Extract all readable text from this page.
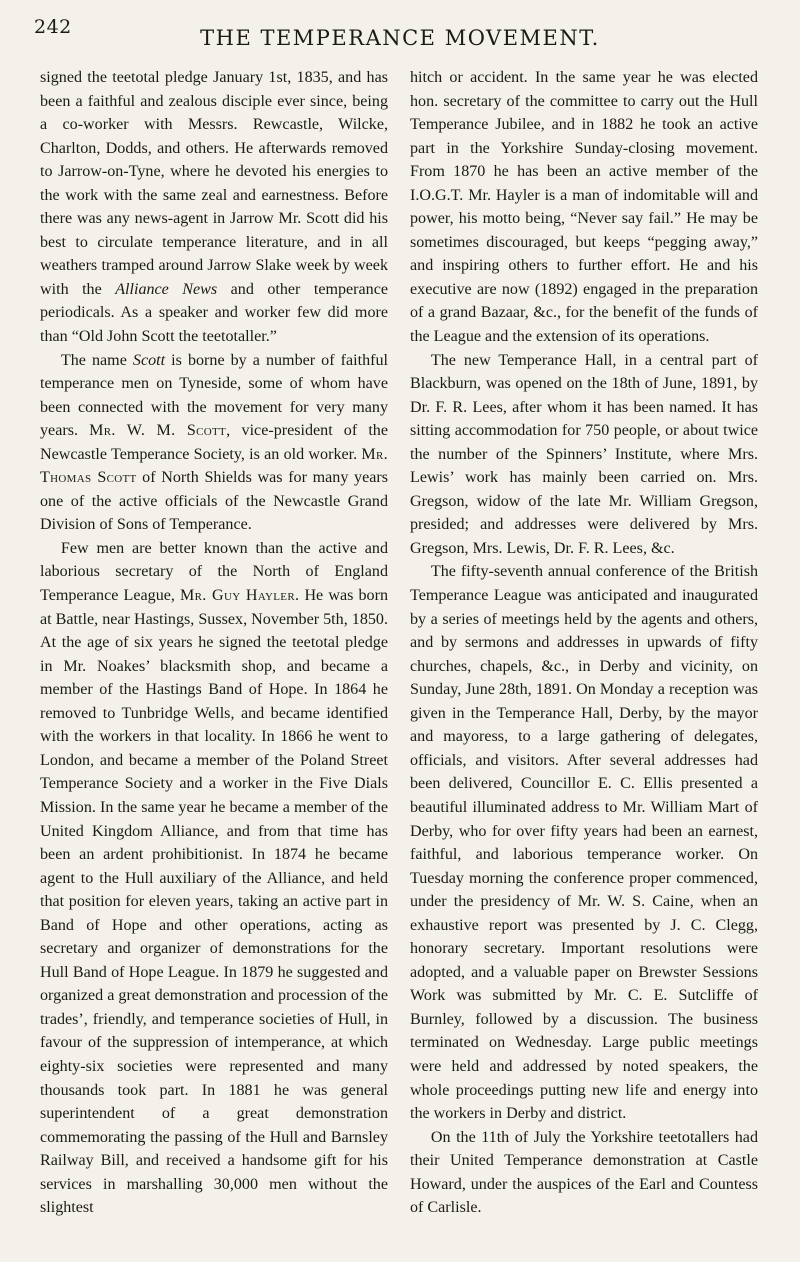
242	THE TEMPERANCE MOVEMENT.

signed the teetotal pledge January 1st, 1835, and has been a faithful and zealous disciple ever since, being a co-worker with Messrs. Rewcastle, Wilcke, Charlton, Dodds, and others. He afterwards removed to Jarrow-on-Tyne, where he devoted his energies to the work with the same zeal and earnestness. Before there was any news-agent in Jarrow Mr. Scott did his best to circulate temperance literature, and in all weathers tramped around Jarrow Slake week by week with the Alliance News and other temperance periodicals. As a speaker and worker few did more than “Old John Scott the teetotaller.”

The name Scott is borne by a number of faithful temperance men on Tyneside, some of whom have been connected with the movement for very many years. Mr. W. M. Scott, vice-president of the Newcastle Temperance Society, is an old worker. Mr. Thomas Scott of North Shields was for many years one of the active officials of the Newcastle Grand Division of Sons of Temperance.

Few men are better known than the active and laborious secretary of the North of England Temperance League, Mr. Guy Hayler. He was born at Battle, near Hastings, Sussex, November 5th, 1850. At the age of six years he signed the teetotal pledge in Mr. Noakes’ blacksmith shop, and became a member of the Hastings Band of Hope. In 1864 he removed to Tunbridge Wells, and became identified with the workers in that locality. In 1866 he went to London, and became a member of the Poland Street Temperance Society and a worker in the Five Dials Mission. In the same year he became a member of the United Kingdom Alliance, and from that time has been an ardent prohibitionist. In 1874 he became agent to the Hull auxiliary of the Alliance, and held that position for eleven years, taking an active part in Band of Hope and other operations, acting as secretary and organizer of demonstrations for the Hull Band of Hope League. In 1879 he suggested and organized a great demonstration and procession of the trades’, friendly, and temperance societies of Hull, in favour of the suppression of intemperance, at which eighty-six societies were represented and many thousands took part. In 1881 he was general superintendent of a great demonstration commemorating the passing of the Hull and Barnsley Railway Bill, and received a handsome gift for his services in marshalling 30,000 men without the slightest

hitch or accident. In the same year he was elected hon. secretary of the committee to carry out the Hull Temperance Jubilee, and in 1882 he took an active part in the Yorkshire Sunday-closing movement. From 1870 he has been an active member of the I.O.G.T. Mr. Hayler is a man of indomitable will and power, his motto being, “Never say fail.” He may be sometimes discouraged, but keeps “pegging away,” and inspiring others to further effort. He and his executive are now (1892) engaged in the preparation of a grand Bazaar, &c., for the benefit of the funds of the League and the extension of its operations.

The new Temperance Hall, in a central part of Blackburn, was opened on the 18th of June, 1891, by Dr. F. R. Lees, after whom it has been named. It has sitting accommodation for 750 people, or about twice the number of the Spinners’ Institute, where Mrs. Lewis’ work has mainly been carried on. Mrs. Gregson, widow of the late Mr. William Gregson, presided; and addresses were delivered by Mrs. Gregson, Mrs. Lewis, Dr. F. R. Lees, &c.

The fifty-seventh annual conference of the British Temperance League was anticipated and inaugurated by a series of meetings held by the agents and others, and by sermons and addresses in upwards of fifty churches, chapels, &c., in Derby and vicinity, on Sunday, June 28th, 1891. On Monday a reception was given in the Temperance Hall, Derby, by the mayor and mayoress, to a large gathering of delegates, officials, and visitors. After several addresses had been delivered, Councillor E. C. Ellis presented a beautiful illuminated address to Mr. William Mart of Derby, who for over fifty years had been an earnest, faithful, and laborious temperance worker. On Tuesday morning the conference proper commenced, under the presidency of Mr. W. S. Caine, when an exhaustive report was presented by J. C. Clegg, honorary secretary. Important resolutions were adopted, and a valuable paper on Brewster Sessions Work was submitted by Mr. C. E. Sutcliffe of Burnley, followed by a discussion. The business terminated on Wednesday. Large public meetings were held and addressed by noted speakers, the whole proceedings putting new life and energy into the workers in Derby and district.

On the 11th of July the Yorkshire teetotallers had their United Temperance demonstration at Castle Howard, under the auspices of the Earl and Countess of Carlisle.
